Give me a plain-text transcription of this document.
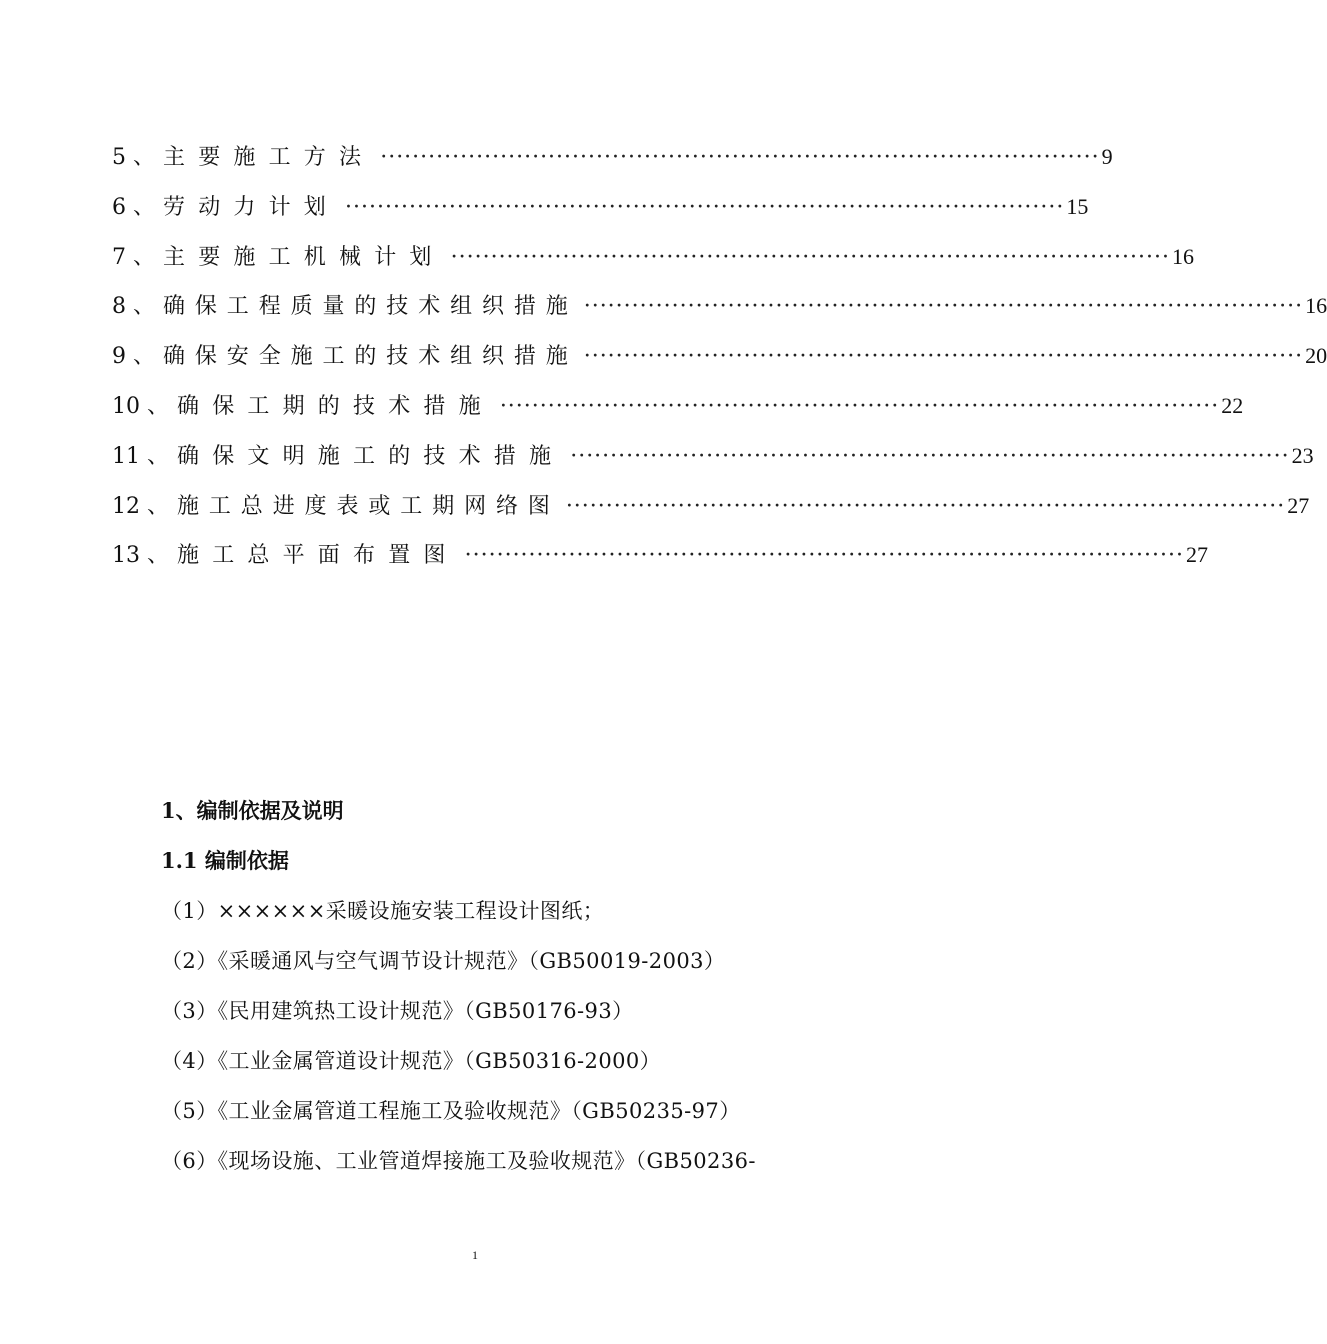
5 、 主要施工方法 ·························································································· 9
6 、 劳动力计划 ·························································································· 15
7 、 主要施工机械计划 ·························································································· 16
8 、 确保工程质量的技术组织措施 ·························································································· 16
9 、 确保安全施工的技术组织措施 ·························································································· 20
10 、 确保工期的技术措施 ·························································································· 22
11 、 确保文明施工的技术措施 ·························································································· 23
12 、 施工总进度表或工期网络图 ·························································································· 27
13 、 施工总平面布置图 ·························································································· 27
1、编制依据及说明
1.1 编制依据
（1）××××××采暖设施安装工程设计图纸；
（2）《采暖通风与空气调节设计规范》（GB50019-2003）
（3）《民用建筑热工设计规范》（GB50176-93）
（4）《工业金属管道设计规范》（GB50316-2000）
（5）《工业金属管道工程施工及验收规范》（GB50235-97）
（6）《现场设施、工业管道焊接施工及验收规范》（GB50236-
1
